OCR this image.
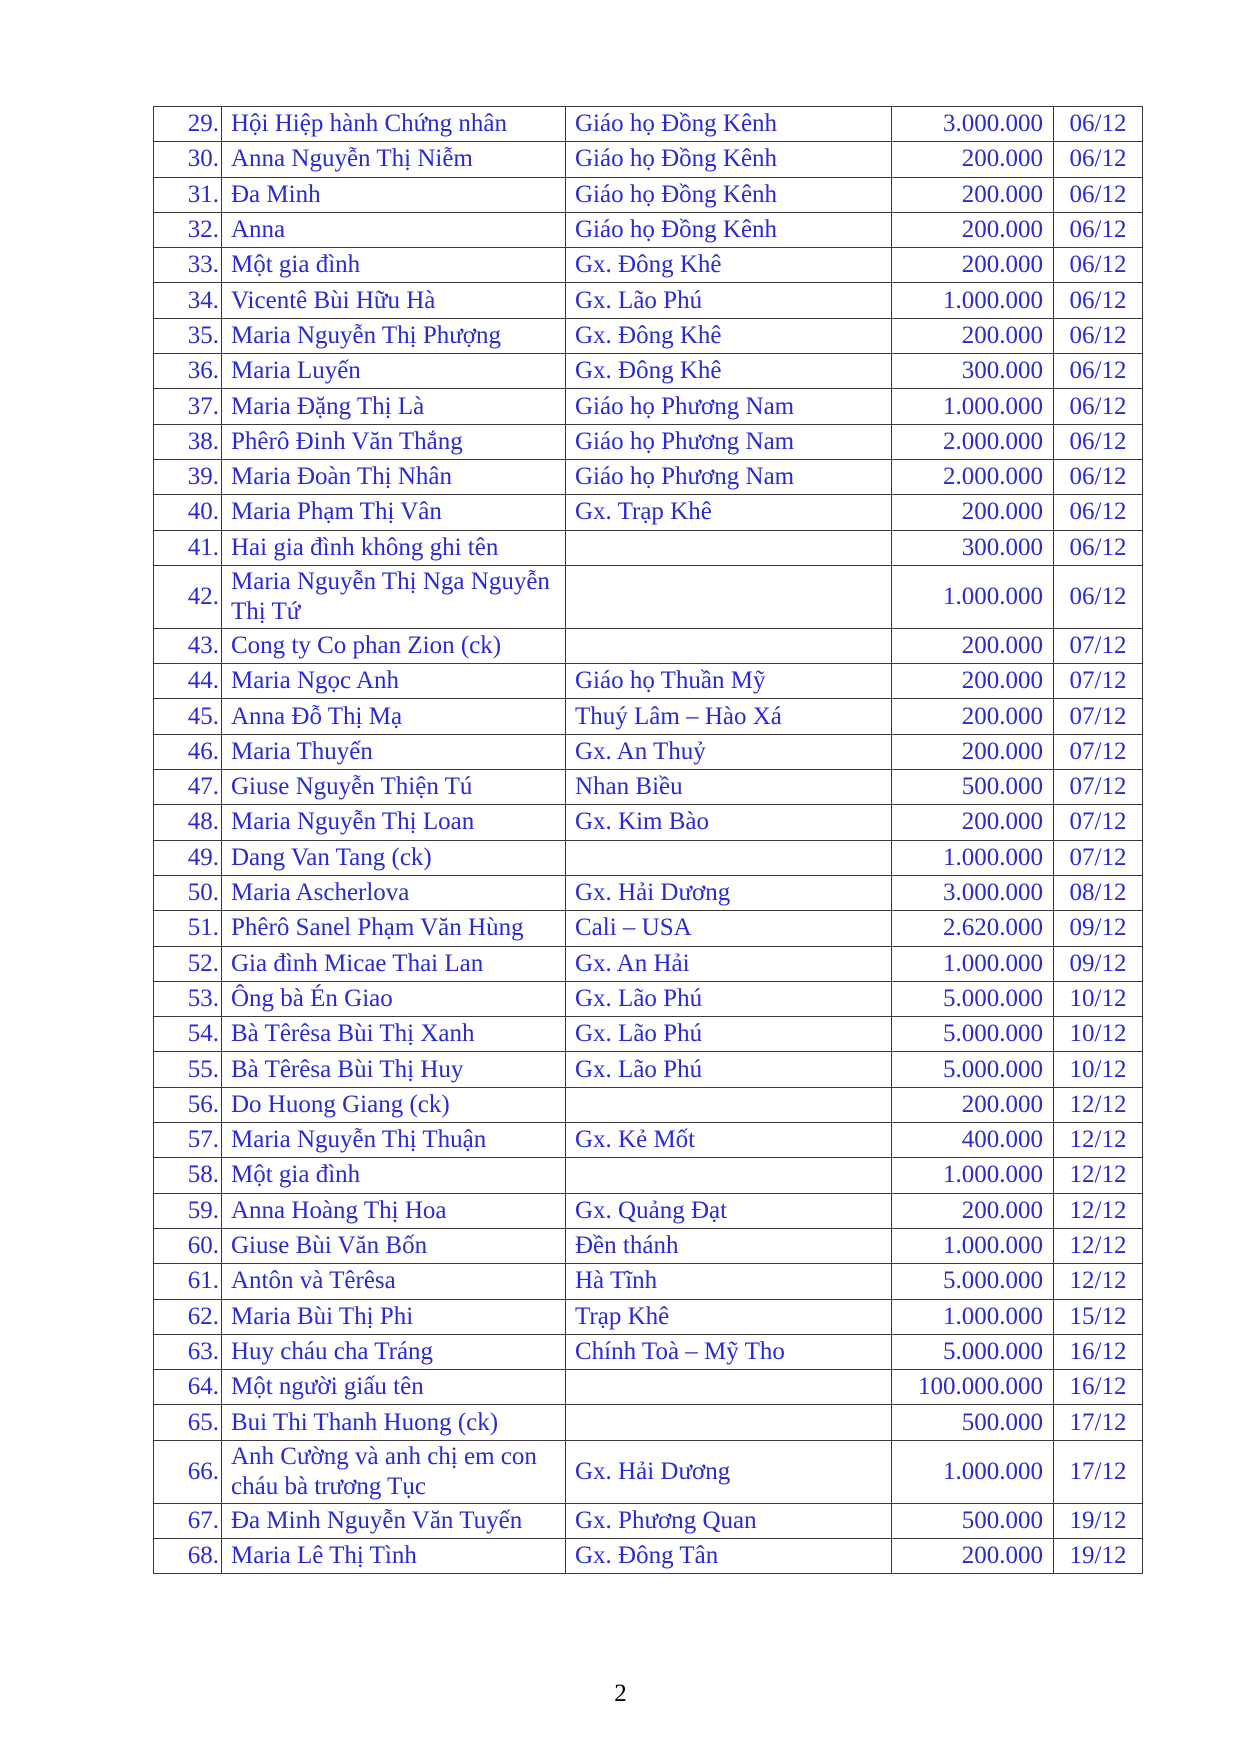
29.	Hội Hiệp hành Chứng nhân	Giáo họ Đồng Kênh	3.000.000	06/12
30.	Anna Nguyễn Thị Niễm	Giáo họ Đồng Kênh	200.000	06/12
31.	Đa Minh	Giáo họ Đồng Kênh	200.000	06/12
32.	Anna	Giáo họ Đồng Kênh	200.000	06/12
33.	Một gia đình	Gx. Đông Khê	200.000	06/12
34.	Vicentê Bùi Hữu Hà	Gx. Lão Phú	1.000.000	06/12
35.	Maria Nguyễn Thị Phượng	Gx. Đông Khê	200.000	06/12
36.	Maria Luyến	Gx. Đông Khê	300.000	06/12
37.	Maria Đặng Thị Là	Giáo họ Phương Nam	1.000.000	06/12
38.	Phêrô Đinh Văn Thắng	Giáo họ Phương Nam	2.000.000	06/12
39.	Maria Đoàn Thị Nhân	Giáo họ Phương Nam	2.000.000	06/12
40.	Maria Phạm Thị Vân	Gx. Trạp Khê	200.000	06/12
41.	Hai gia đình không ghi tên		300.000	06/12
42.	Maria Nguyễn Thị Nga Nguyễn Thị Tứ		1.000.000	06/12
43.	Cong ty Co phan Zion (ck)		200.000	07/12
44.	Maria Ngọc Anh	Giáo họ Thuần Mỹ	200.000	07/12
45.	Anna Đỗ Thị Mạ	Thuý Lâm – Hào Xá	200.000	07/12
46.	Maria Thuyến	Gx. An Thuỷ	200.000	07/12
47.	Giuse Nguyễn Thiện Tú	Nhan Biều	500.000	07/12
48.	Maria Nguyễn Thị Loan	Gx. Kim Bào	200.000	07/12
49.	Dang Van Tang (ck)		1.000.000	07/12
50.	Maria Ascherlova	Gx. Hải Dương	3.000.000	08/12
51.	Phêrô Sanel Phạm Văn Hùng	Cali – USA	2.620.000	09/12
52.	Gia đình Micae Thai Lan	Gx. An Hải	1.000.000	09/12
53.	Ông bà Én Giao	Gx. Lão Phú	5.000.000	10/12
54.	Bà Têrêsa Bùi Thị Xanh	Gx. Lão Phú	5.000.000	10/12
55.	Bà Têrêsa Bùi Thị Huy	Gx. Lão Phú	5.000.000	10/12
56.	Do Huong Giang (ck)		200.000	12/12
57.	Maria Nguyễn Thị Thuận	Gx. Kẻ Mốt	400.000	12/12
58.	Một gia đình		1.000.000	12/12
59.	Anna Hoàng Thị Hoa	Gx. Quảng Đạt	200.000	12/12
60.	Giuse Bùi Văn Bốn	Đền thánh	1.000.000	12/12
61.	Antôn và Têrêsa	Hà Tĩnh	5.000.000	12/12
62.	Maria Bùi Thị Phi	Trạp Khê	1.000.000	15/12
63.	Huy cháu cha Tráng	Chính Toà – Mỹ Tho	5.000.000	16/12
64.	Một người giấu tên		100.000.000	16/12
65.	Bui Thi Thanh Huong (ck)		500.000	17/12
66.	Anh Cường và anh chị em con cháu bà trương Tục	Gx. Hải Dương	1.000.000	17/12
67.	Đa Minh Nguyễn Văn Tuyến	Gx. Phương Quan	500.000	19/12
68.	Maria Lê Thị Tình	Gx. Đông Tân	200.000	19/12
2
